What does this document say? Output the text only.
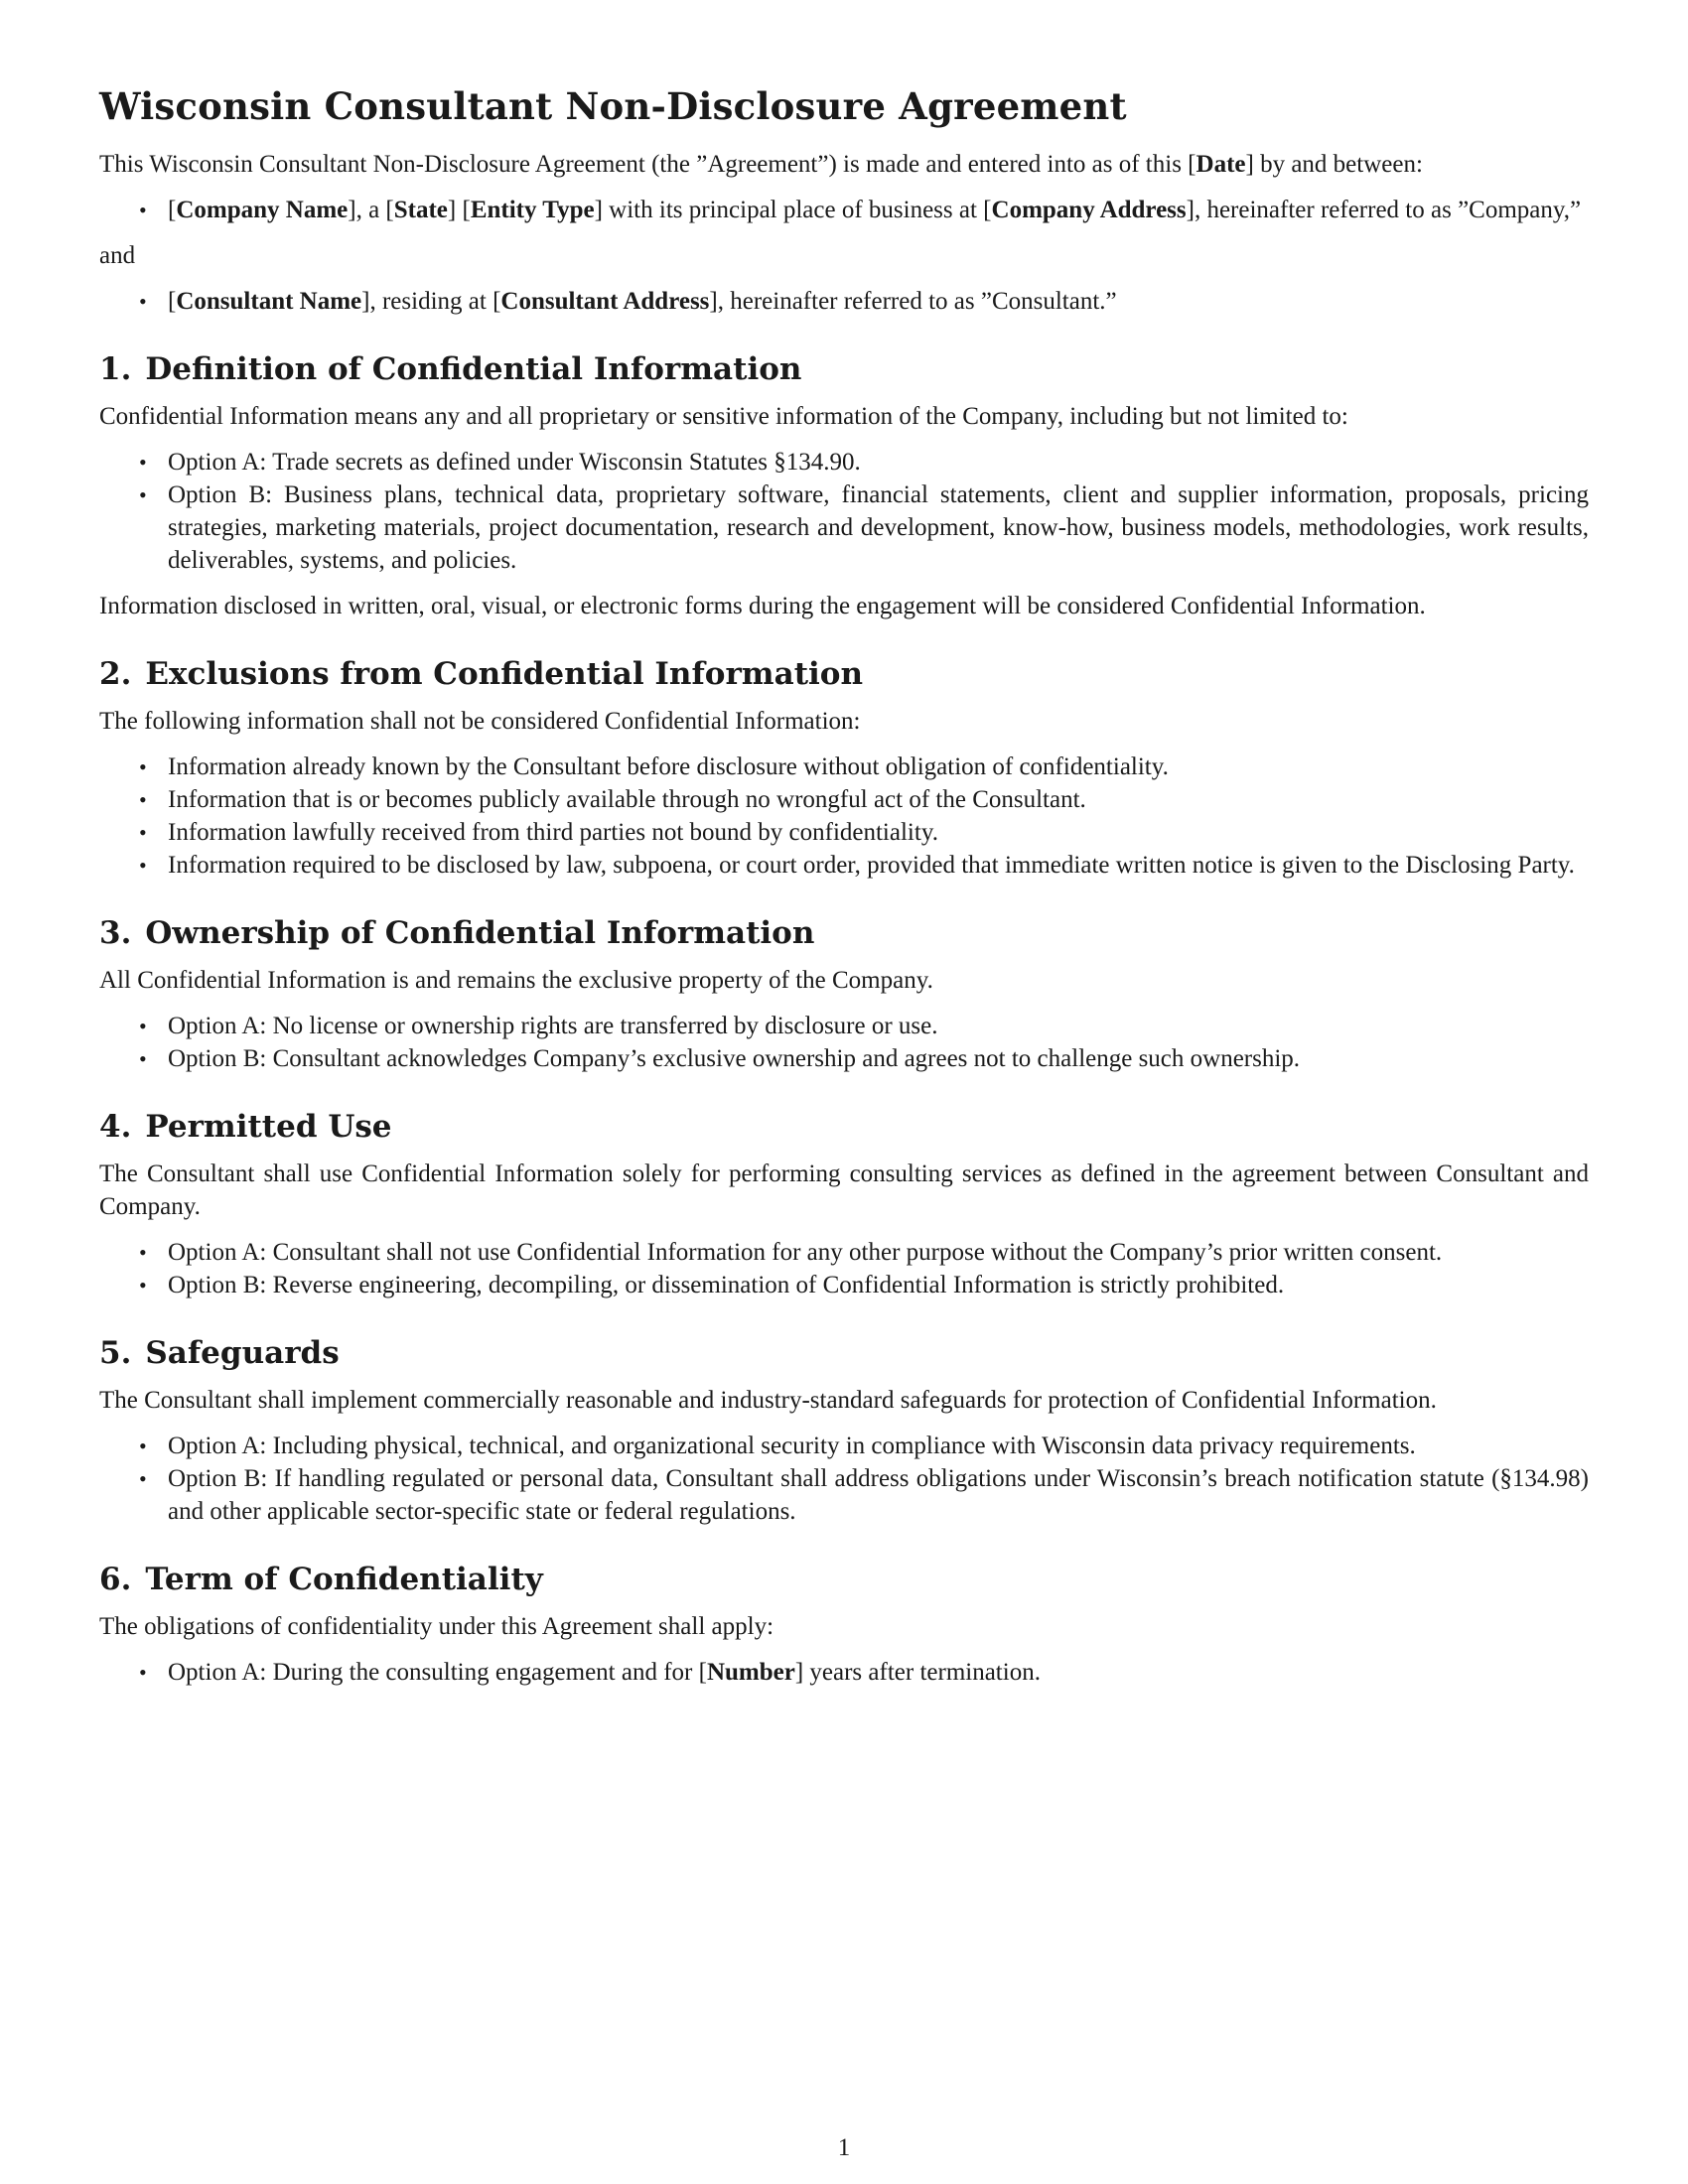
Wisconsin Consultant Non-Disclosure Agreement

This Wisconsin Consultant Non-Disclosure Agreement (the ”Agreement”) is made and entered into as of this [Date] by and between:

• [Company Name], a [State] [Entity Type] with its principal place of business at [Company Address], hereinafter referred to as ”Company,”

and

• [Consultant Name], residing at [Consultant Address], hereinafter referred to as ”Consultant.”
1. Definition of Confidential Information

Confidential Information means any and all proprietary or sensitive information of the Company, including but not limited to:

• Option A: Trade secrets as defined under Wisconsin Statutes §134.90.
• Option B: Business plans, technical data, proprietary software, financial statements, client and supplier information, proposals, pricing strategies, marketing materials, project documentation, research and development, know-how, business models, methodologies, work results, deliverables, systems, and policies.

Information disclosed in written, oral, visual, or electronic forms during the engagement will be considered Confidential Information.

2. Exclusions from Confidential Information

The following information shall not be considered Confidential Information:

• Information already known by the Consultant before disclosure without obligation of confidentiality.
• Information that is or becomes publicly available through no wrongful act of the Consultant.
• Information lawfully received from third parties not bound by confidentiality.
• Information required to be disclosed by law, subpoena, or court order, provided that immediate written notice is given to the Disclosing Party.
3. Ownership of Confidential Information

All Confidential Information is and remains the exclusive property of the Company.

• Option A: No license or ownership rights are transferred by disclosure or use.
• Option B: Consultant acknowledges Company’s exclusive ownership and agrees not to challenge such ownership.
4. Permitted Use

The Consultant shall use Confidential Information solely for performing consulting services as defined in the agreement between Consultant and Company.

• Option A: Consultant shall not use Confidential Information for any other purpose without the Company’s prior written consent.
• Option B: Reverse engineering, decompiling, or dissemination of Confidential Information is strictly prohibited.
5. Safeguards

The Consultant shall implement commercially reasonable and industry-standard safeguards for protection of Confidential Information.

• Option A: Including physical, technical, and organizational security in compliance with Wisconsin data privacy requirements.
• Option B: If handling regulated or personal data, Consultant shall address obligations under Wisconsin’s breach notification statute (§134.98) and other applicable sector-specific state or federal regulations.
6. Term of Confidentiality

The obligations of confidentiality under this Agreement shall apply:

• Option A: During the consulting engagement and for [Number] years after termination.
1
